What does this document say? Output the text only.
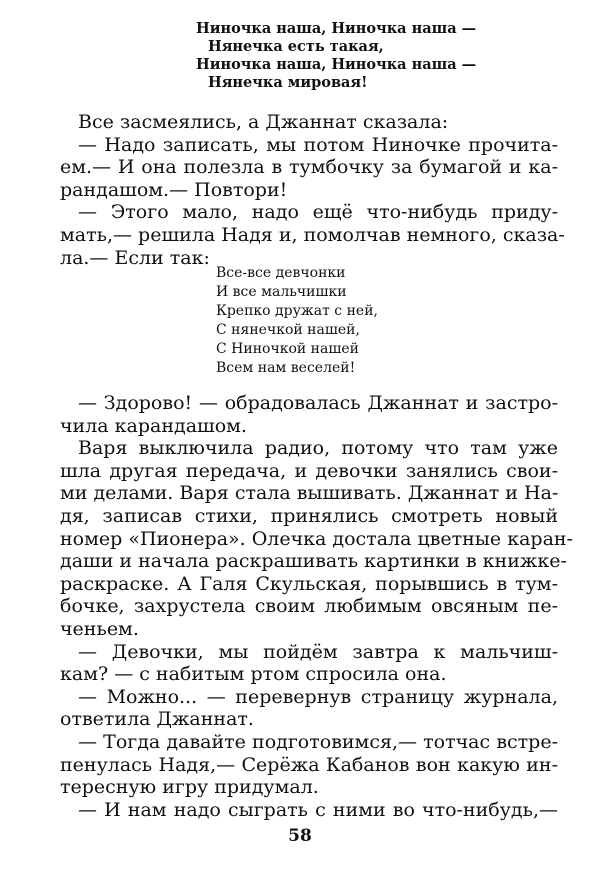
Ниночка наша, Ниночка наша —
Нянечка есть такая,
Ниночка наша, Ниночка наша —
Нянечка мировая!
Все засмеялись, а Джаннат сказала:
— Надо записать, мы потом Ниночке прочита-
ем.— И она полезла в тумбочку за бумагой и ка-
рандашом.— Повтори!
— Этого мало, надо ещё что-нибудь приду-
мать,— решила Надя и, помолчав немного, сказа-
ла.— Если так:
Все-все девчонки
И все мальчишки
Крепко дружат с ней,
С нянечкой нашей,
С Ниночкой нашей
Всем нам веселей!
— Здорово! — обрадовалась Джаннат и застро-
чила карандашом.
Варя выключила радио, потому что там уже
шла другая передача, и девочки занялись свои-
ми делами. Варя стала вышивать. Джаннат и На-
дя, записав стихи, принялись смотреть новый
номер «Пионера». Олечка достала цветные каран-
даши и начала раскрашивать картинки в книжке-
раскраске. А Галя Скульская, порывшись в тум-
бочке, захрустела своим любимым овсяным пе-
ченьем.
— Девочки, мы пойдём завтра к мальчиш-
кам? — с набитым ртом спросила она.
— Можно... — перевернув страницу журнала,
ответила Джаннат.
— Тогда давайте подготовимся,— тотчас встре-
пенулась Надя,— Серёжа Кабанов вон какую ин-
тересную игру придумал.
— И нам надо сыграть с ними во что-нибудь,—
58
